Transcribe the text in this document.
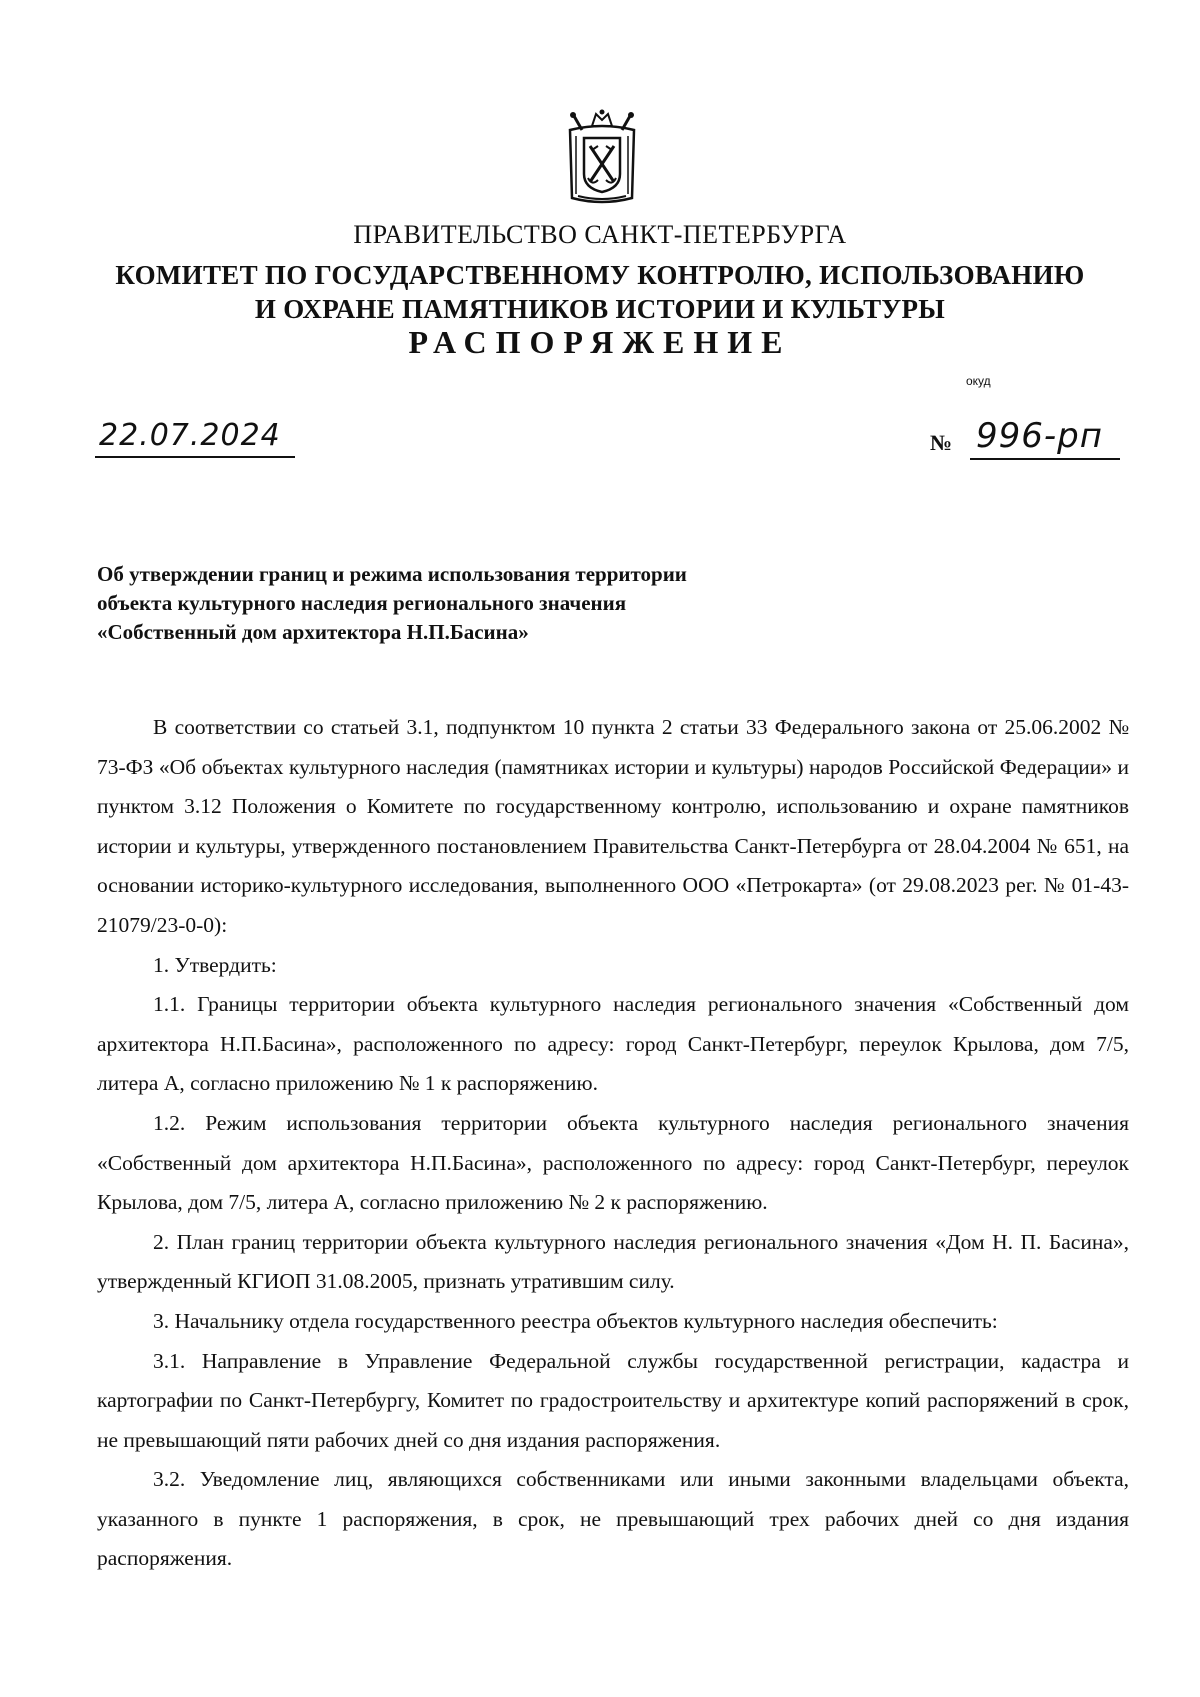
ПРАВИТЕЛЬСТВО САНКТ-ПЕТЕРБУРГА
КОМИТЕТ ПО ГОСУДАРСТВЕННОМУ КОНТРОЛЮ, ИСПОЛЬЗОВАНИЮ
И ОХРАНЕ ПАМЯТНИКОВ ИСТОРИИ И КУЛЬТУРЫ
РАСПОРЯЖЕНИЕ
окуд
22.07.2024	№ 996-рп
Об утверждении границ и режима использования территории
объекта культурного наследия регионального значения
«Собственный дом архитектора Н.П.Басина»

В соответствии со статьей 3.1, подпунктом 10 пункта 2 статьи 33 Федерального закона от 25.06.2002 № 73-ФЗ «Об объектах культурного наследия (памятниках истории и культуры) народов Российской Федерации» и пунктом 3.12 Положения о Комитете по государственному контролю, использованию и охране памятников истории и культуры, утвержденного постановлением Правительства Санкт-Петербурга от 28.04.2004 № 651, на основании историко-культурного исследования, выполненного ООО «Петрокарта» (от 29.08.2023 рег. № 01-43-21079/23-0-0):

1. Утвердить:

1.1. Границы территории объекта культурного наследия регионального значения «Собственный дом архитектора Н.П.Басина», расположенного по адресу: город Санкт-Петербург, переулок Крылова, дом 7/5, литера А, согласно приложению № 1 к распоряжению.

1.2. Режим использования территории объекта культурного наследия регионального значения «Собственный дом архитектора Н.П.Басина», расположенного по адресу: город Санкт-Петербург, переулок Крылова, дом 7/5, литера А, согласно приложению № 2 к распоряжению.

2. План границ территории объекта культурного наследия регионального значения «Дом Н. П. Басина», утвержденный КГИОП 31.08.2005, признать утратившим силу.

3. Начальнику отдела государственного реестра объектов культурного наследия обеспечить:

3.1. Направление в Управление Федеральной службы государственной регистрации, кадастра и картографии по Санкт-Петербургу, Комитет по градостроительству и архитектуре копий распоряжений в срок, не превышающий пяти рабочих дней со дня издания распоряжения.

3.2. Уведомление лиц, являющихся собственниками или иными законными владельцами объекта, указанного в пункте 1 распоряжения, в срок, не превышающий трех рабочих дней со дня издания распоряжения.
